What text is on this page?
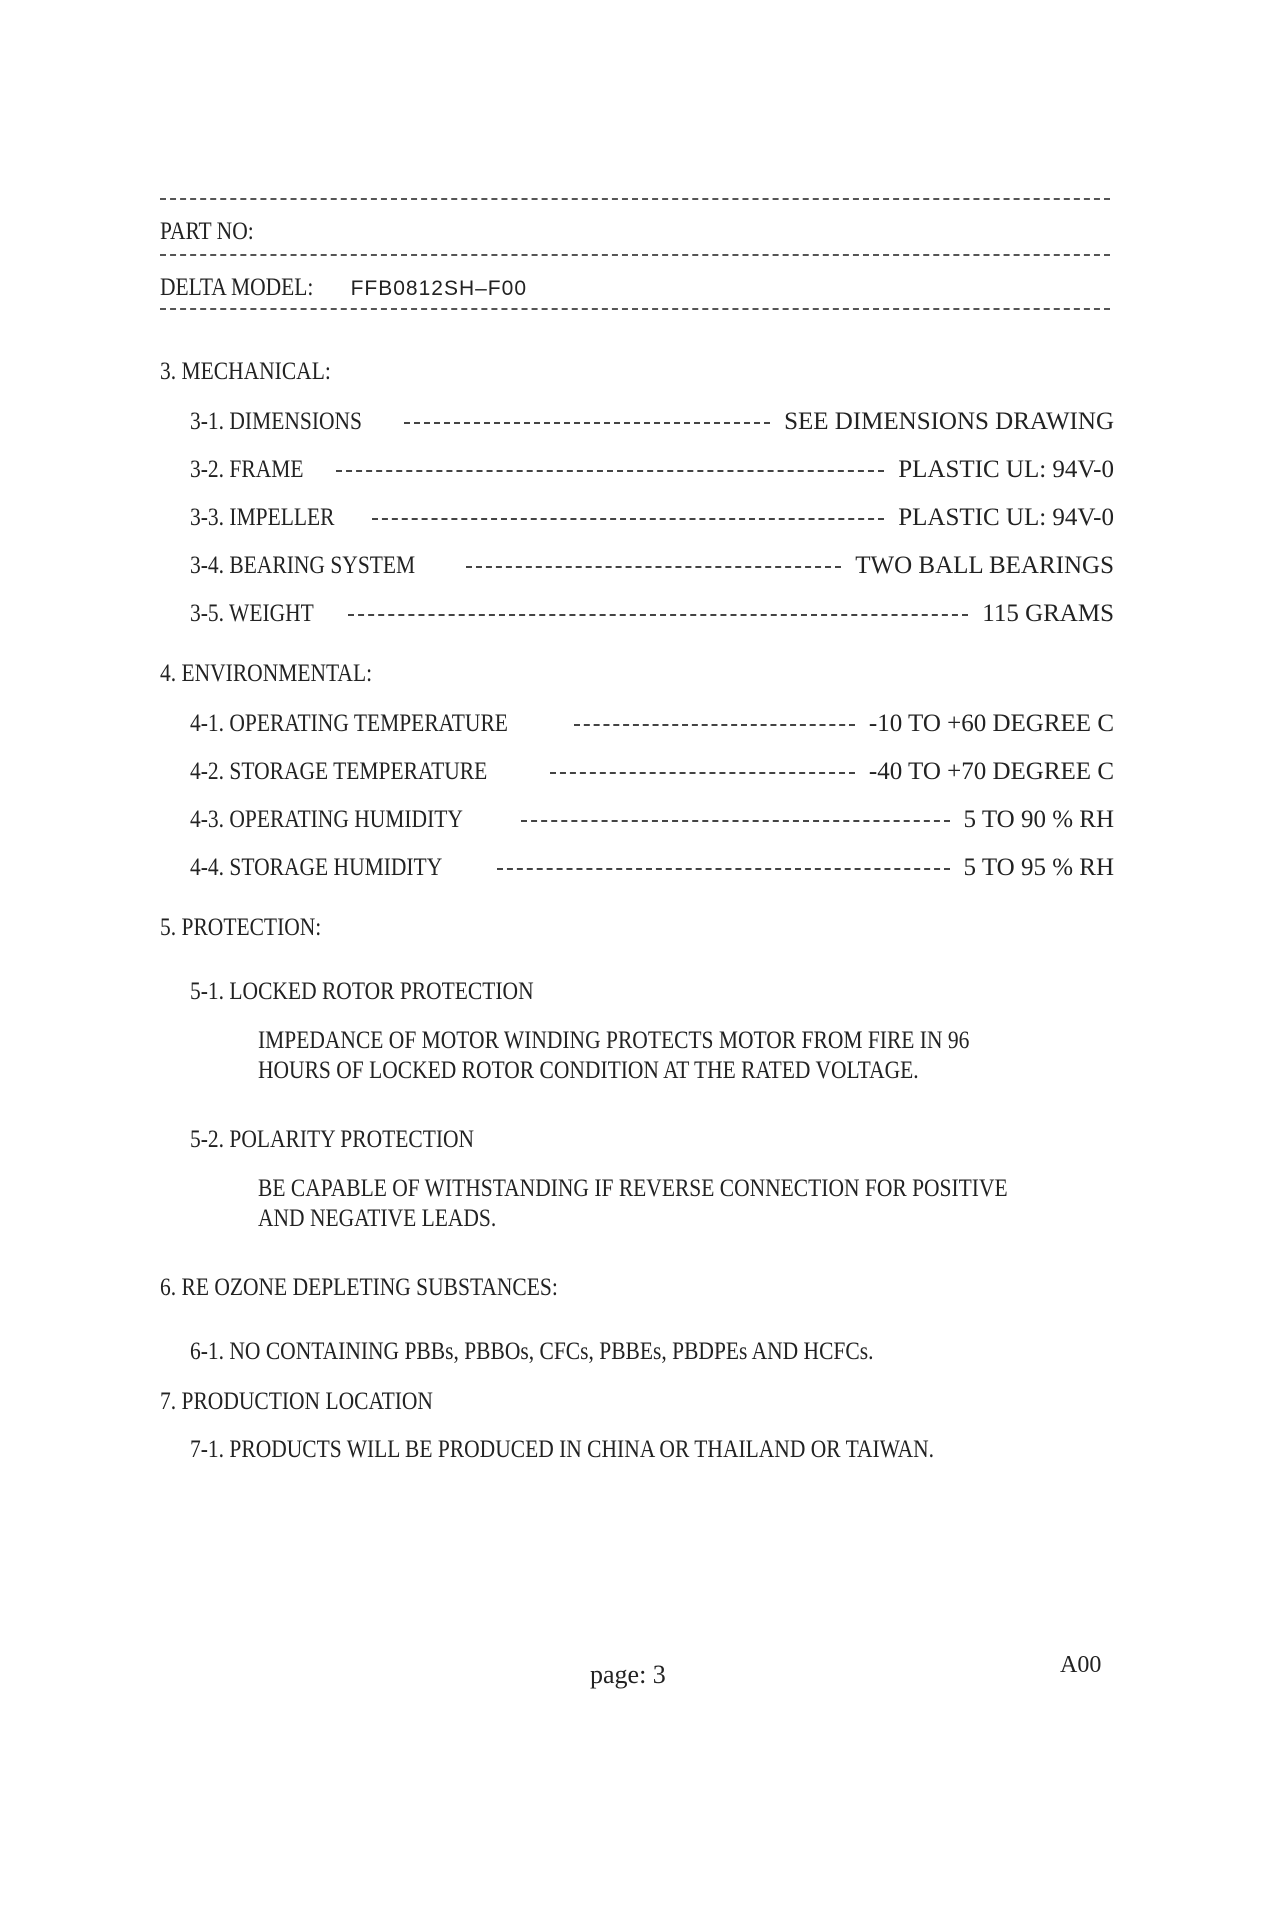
PART NO:
DELTA MODEL: FFB0812SH–F00
3. MECHANICAL:
3-1. DIMENSIONS	SEE DIMENSIONS DRAWING
3-2. FRAME	PLASTIC UL: 94V-0
3-3. IMPELLER	PLASTIC UL: 94V-0
3-4. BEARING SYSTEM	TWO BALL BEARINGS
3-5. WEIGHT	115 GRAMS
4. ENVIRONMENTAL:
4-1. OPERATING TEMPERATURE	-10 TO +60 DEGREE C
4-2. STORAGE TEMPERATURE	-40 TO +70 DEGREE C
4-3. OPERATING HUMIDITY	5 TO 90 % RH
4-4. STORAGE HUMIDITY	5 TO 95 % RH
5. PROTECTION:
5-1. LOCKED ROTOR PROTECTION
IMPEDANCE OF MOTOR WINDING PROTECTS MOTOR FROM FIRE IN 96
HOURS OF LOCKED ROTOR CONDITION AT THE RATED VOLTAGE.
5-2. POLARITY PROTECTION
BE CAPABLE OF WITHSTANDING IF REVERSE CONNECTION FOR POSITIVE
AND NEGATIVE LEADS.
6. RE OZONE DEPLETING SUBSTANCES:
6-1. NO CONTAINING PBBs, PBBOs, CFCs, PBBEs, PBDPEs AND HCFCs.
7. PRODUCTION LOCATION
7-1. PRODUCTS WILL BE PRODUCED IN CHINA OR THAILAND OR TAIWAN.
page: 3	A00
